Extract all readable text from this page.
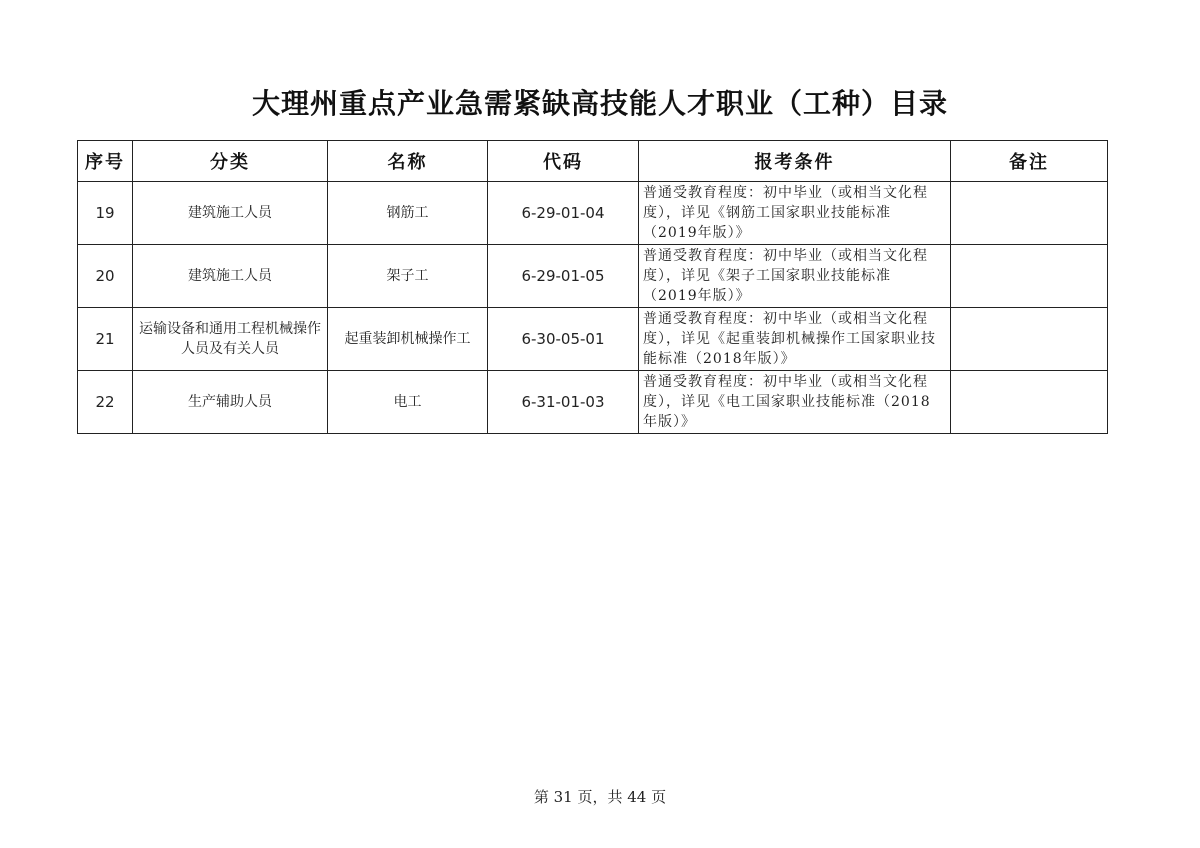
大理州重点产业急需紧缺高技能人才职业（工种）目录
序号	分类	名称	代码	报考条件	备注
19	建筑施工人员	钢筋工	6-29-01-04	普通受教育程度：初中毕业（或相当文化程度），详见《钢筋工国家职业技能标准（2019年版）》	
20	建筑施工人员	架子工	6-29-01-05	普通受教育程度：初中毕业（或相当文化程度），详见《架子工国家职业技能标准（2019年版）》	
21	运输设备和通用工程机械操作人员及有关人员	起重装卸机械操作工	6-30-05-01	普通受教育程度：初中毕业（或相当文化程度），详见《起重装卸机械操作工国家职业技能标准（2018年版）》	
22	生产辅助人员	电工	6-31-01-03	普通受教育程度：初中毕业（或相当文化程度），详见《电工国家职业技能标准（2018年版）》	
第 31 页，共 44 页
